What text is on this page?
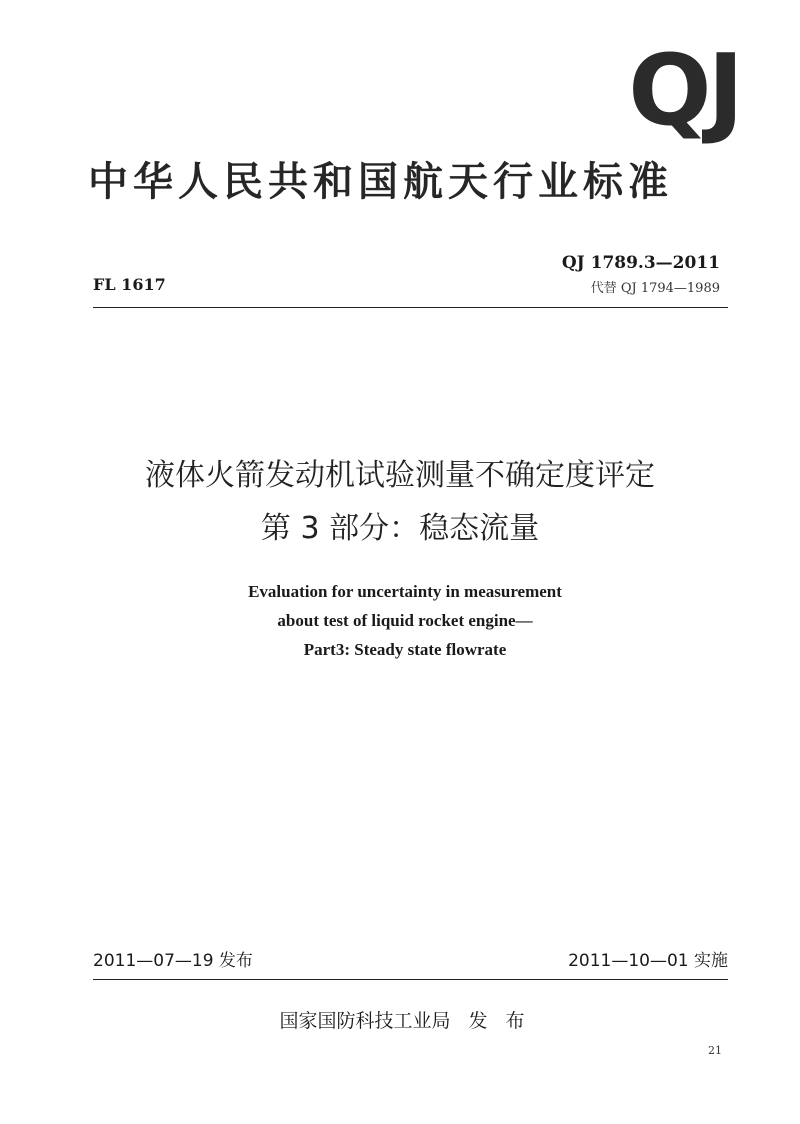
QJ
中华人民共和国航天行业标准
QJ 1789.3—2011
代替 QJ 1794—1989
FL 1617
液体火箭发动机试验测量不确定度评定
第 3 部分：稳态流量
Evaluation for uncertainty in measurement
about test of liquid rocket engine—
Part3: Steady state flowrate
2011—07—19 发布	2011—10—01 实施
国家国防科技工业局 发 布
21
